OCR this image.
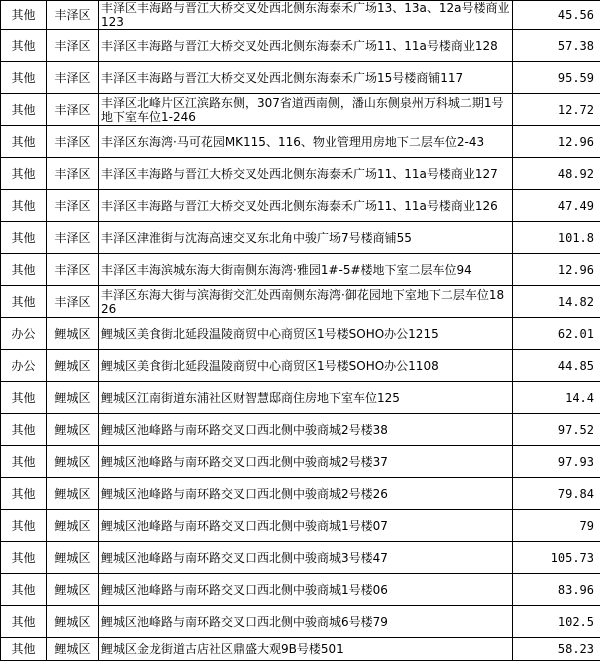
其他	丰泽区	丰泽区丰海路与晋江大桥交叉处西北侧东海泰禾广场13、13a、12a号楼商业123		45.56
其他	丰泽区	丰泽区丰海路与晋江大桥交叉处西北侧东海泰禾广场11、11a号楼商业128		57.38
其他	丰泽区	丰泽区丰海路与晋江大桥交叉处西北侧东海泰禾广场15号楼商铺117		95.59
其他	丰泽区	丰泽区北峰片区江滨路东侧，307省道西南侧，潘山东侧泉州万科城二期1号地下室车位1-246		12.72
其他	丰泽区	丰泽区东海湾·马可花园MK115、116、物业管理用房地下二层车位2-43		12.96
其他	丰泽区	丰泽区丰海路与晋江大桥交叉处西北侧东海泰禾广场11、11a号楼商业127		48.92
其他	丰泽区	丰泽区丰海路与晋江大桥交叉处西北侧东海泰禾广场11、11a号楼商业126		47.49
其他	丰泽区	丰泽区津淮街与沈海高速交叉东北角中骏广场7号楼商铺55		101.8
其他	丰泽区	丰泽区丰海滨城东海大街南侧东海湾·雅园1#-5#楼地下室二层车位94		12.96
其他	丰泽区	丰泽区东海大街与滨海街交汇处西南侧东海湾·御花园地下室地下二层车位1826		14.82
办公	鲤城区	鲤城区美食街北延段温陵商贸中心商贸区1号楼SOHO办公1215		62.01
办公	鲤城区	鲤城区美食街北延段温陵商贸中心商贸区1号楼SOHO办公1108		44.85
其他	鲤城区	鲤城区江南街道东浦社区财智慧邸商住房地下室车位125		14.4
其他	鲤城区	鲤城区池峰路与南环路交叉口西北侧中骏商城2号楼38		97.52
其他	鲤城区	鲤城区池峰路与南环路交叉口西北侧中骏商城2号楼37		97.93
其他	鲤城区	鲤城区池峰路与南环路交叉口西北侧中骏商城2号楼26		79.84
其他	鲤城区	鲤城区池峰路与南环路交叉口西北侧中骏商城1号楼07		79
其他	鲤城区	鲤城区池峰路与南环路交叉口西北侧中骏商城3号楼47		105.73
其他	鲤城区	鲤城区池峰路与南环路交叉口西北侧中骏商城1号楼06		83.96
其他	鲤城区	鲤城区池峰路与南环路交叉口西北侧中骏商城6号楼79		102.5
其他	鲤城区	鲤城区金龙街道古店社区鼎盛大观9B号楼501		58.23
